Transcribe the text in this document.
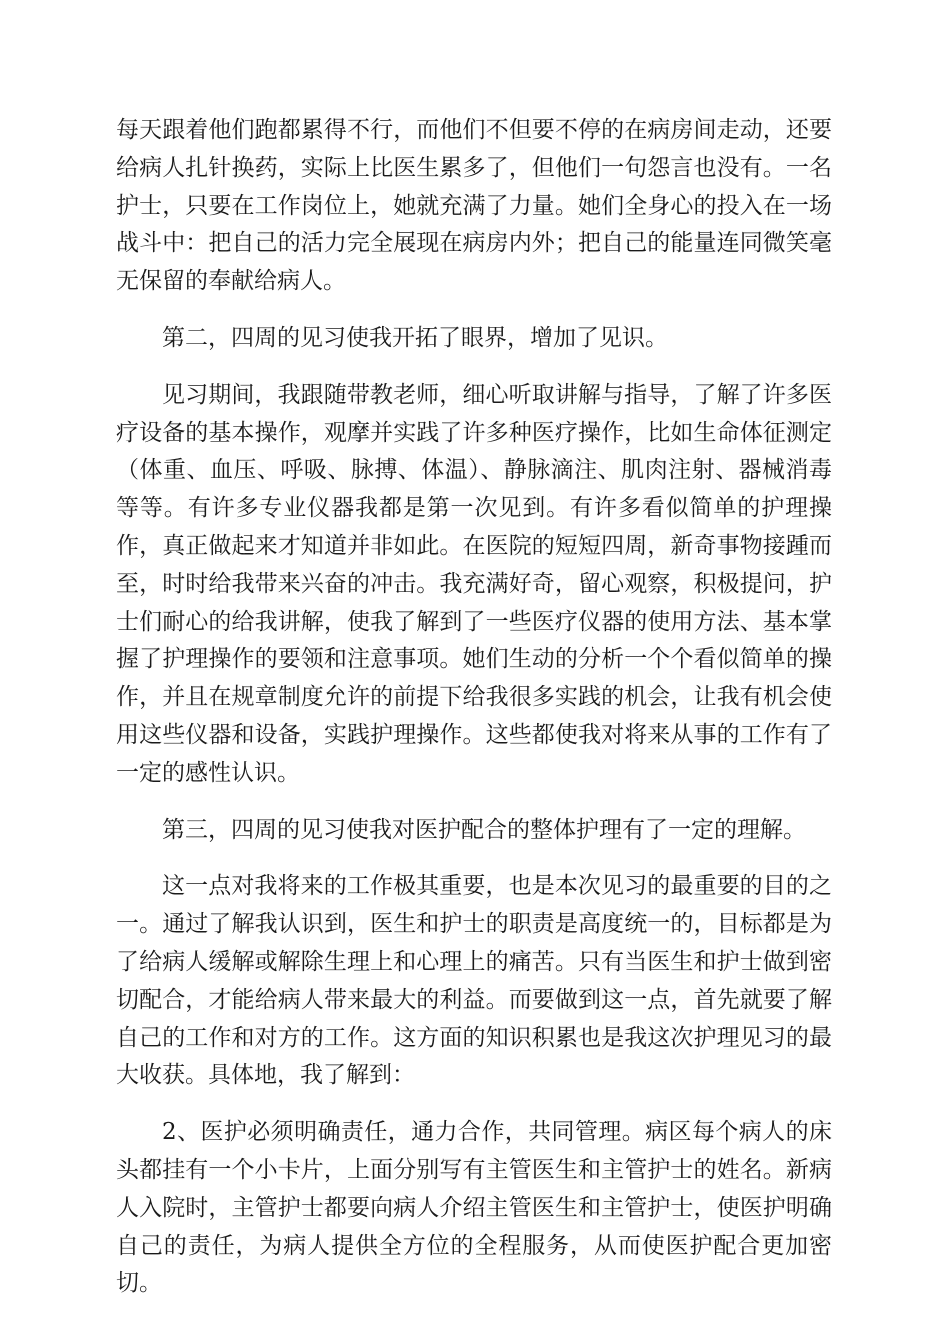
每天跟着他们跑都累得不行，而他们不但要不停的在病房间走动，还要给病人扎针换药，实际上比医生累多了，但他们一句怨言也没有。一名护士，只要在工作岗位上，她就充满了力量。她们全身心的投入在一场战斗中：把自己的活力完全展现在病房内外；把自己的能量连同微笑毫无保留的奉献给病人。

第二，四周的见习使我开拓了眼界，增加了见识。

见习期间，我跟随带教老师，细心听取讲解与指导，了解了许多医疗设备的基本操作，观摩并实践了许多种医疗操作，比如生命体征测定（体重、血压、呼吸、脉搏、体温）、静脉滴注、肌肉注射、器械消毒等等。有许多专业仪器我都是第一次见到。有许多看似简单的护理操作，真正做起来才知道并非如此。在医院的短短四周，新奇事物接踵而至，时时给我带来兴奋的冲击。我充满好奇，留心观察，积极提问，护士们耐心的给我讲解，使我了解到了一些医疗仪器的使用方法、基本掌握了护理操作的要领和注意事项。她们生动的分析一个个看似简单的操作，并且在规章制度允许的前提下给我很多实践的机会，让我有机会使用这些仪器和设备，实践护理操作。这些都使我对将来从事的工作有了一定的感性认识。

第三，四周的见习使我对医护配合的整体护理有了一定的理解。

这一点对我将来的工作极其重要，也是本次见习的最重要的目的之一。通过了解我认识到，医生和护士的职责是高度统一的，目标都是为了给病人缓解或解除生理上和心理上的痛苦。只有当医生和护士做到密切配合，才能给病人带来最大的利益。而要做到这一点，首先就要了解自己的工作和对方的工作。这方面的知识积累也是我这次护理见习的最大收获。具体地，我了解到：

2、医护必须明确责任，通力合作，共同管理。病区每个病人的床头都挂有一个小卡片，上面分别写有主管医生和主管护士的姓名。新病人入院时，主管护士都要向病人介绍主管医生和主管护士，使医护明确自己的责任，为病人提供全方位的全程服务，从而使医护配合更加密切。
